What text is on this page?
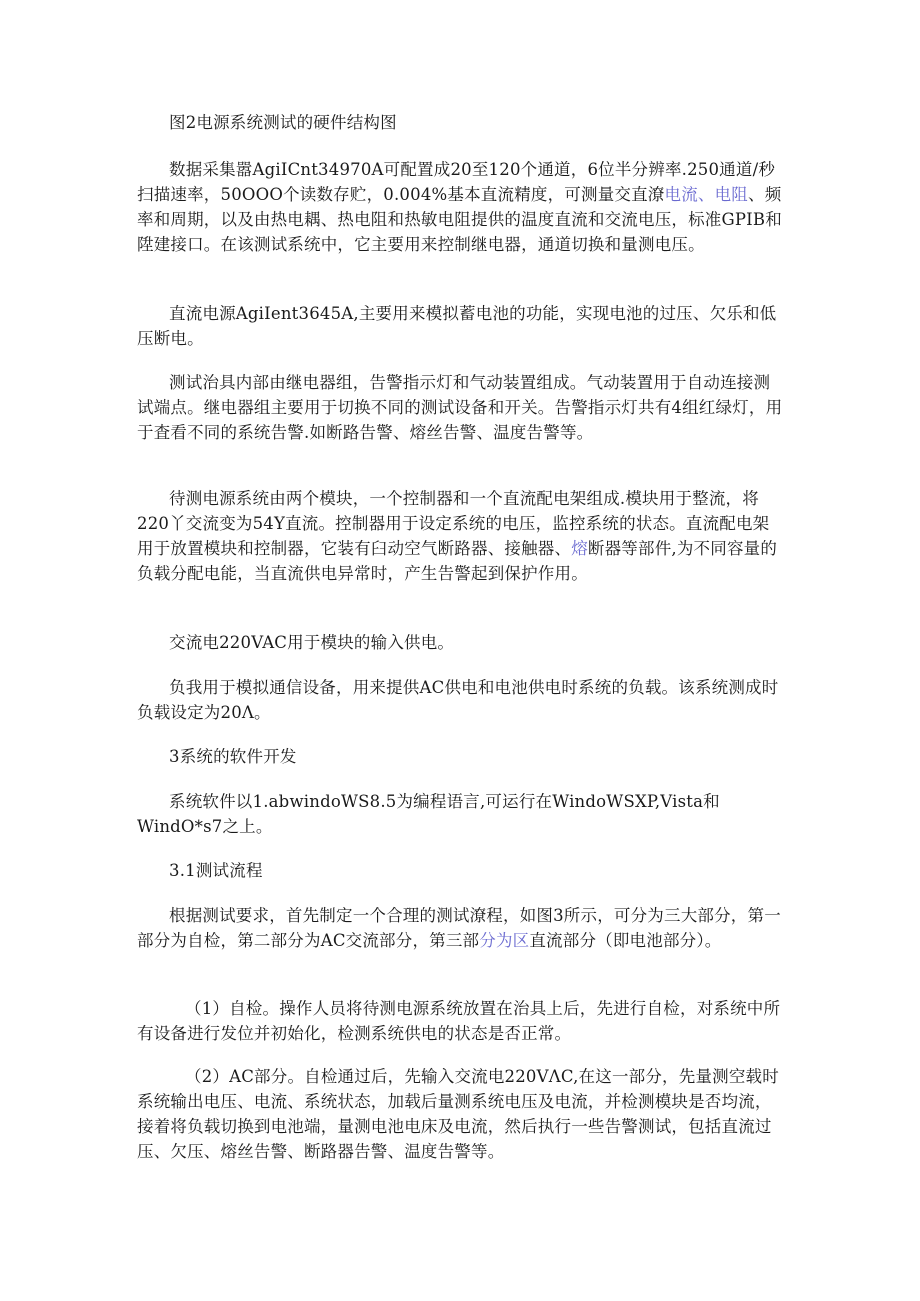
图2电源系统测试的硬件结构图

数据采集嚣AgiICnt34970A可配置成20至120个通道，6位半分辨率.250通道/秒扫描速率，50OOO个读数存贮，0.004%基本直流精度，可测量交直潦电流、电阻、频率和周期，以及由热电耦、热电阻和热敏电阻提供的温度直流和交流电压，标准GPIB和陞建接口。在该测试系统中，它主要用来控制继电器，通道切换和量测电压。

直流电源AgiIent3645A,主要用来模拟蓄电池的功能，实现电池的过压、欠乐和低压断电。

测试治具内部由继电器组，告警指示灯和气动装置组成。气动装置用于自动连接测试端点。继电器组主要用于切换不同的测试设备和开关。告警指示灯共有4组红绿灯，用于査看不同的系统告警.如断路告警、熔丝告警、温度告警等。

待测电源系统由两个模块，一个控制器和一个直流配电架组成.模块用于整流，将220丫交流变为54Y直流。控制器用于设定系统的电压，监控系统的状态。直流配电架用于放置模块和控制器，它装有臼动空气断路器、接触器、熔断器等部件,为不同容量的负载分配电能，当直流供电异常时，产生告警起到保护作用。

交流电220VAC用于模块的输入供电。

负我用于模拟通信设备，用来提供AC供电和电池供电时系统的负载。该系统测成时负载设定为20Λ。

3系统的软件开发

系统软件以1.abwindoWS8.5为编程语言,可运行在WindoWSXP,Vista和WindO*s7之上。

3.1测试流程

根据测试要求，首先制定一个合理的测试潦程，如图3所示，可分为三大部分，第一部分为自检，第二部分为AC交流部分，第三部分为区直流部分（即电池部分）。

（1）自检。操作人员将待测电源系统放置在治具上后，先进行自检，对系统中所有设备进行发位并初始化，检测系统供电的状态是否正常。

（2）AC部分。自检通过后，先输入交流电220VΛC,在这一部分，先量测空载时系统输出电压、电流、系统状态，加载后量测系统电压及电流，并检测模块是否均流，接着将负载切换到电池端，量测电池电床及电流，然后执行一些告警测试，包括直流过压、欠压、熔丝告警、断路器告警、温度告警等。
